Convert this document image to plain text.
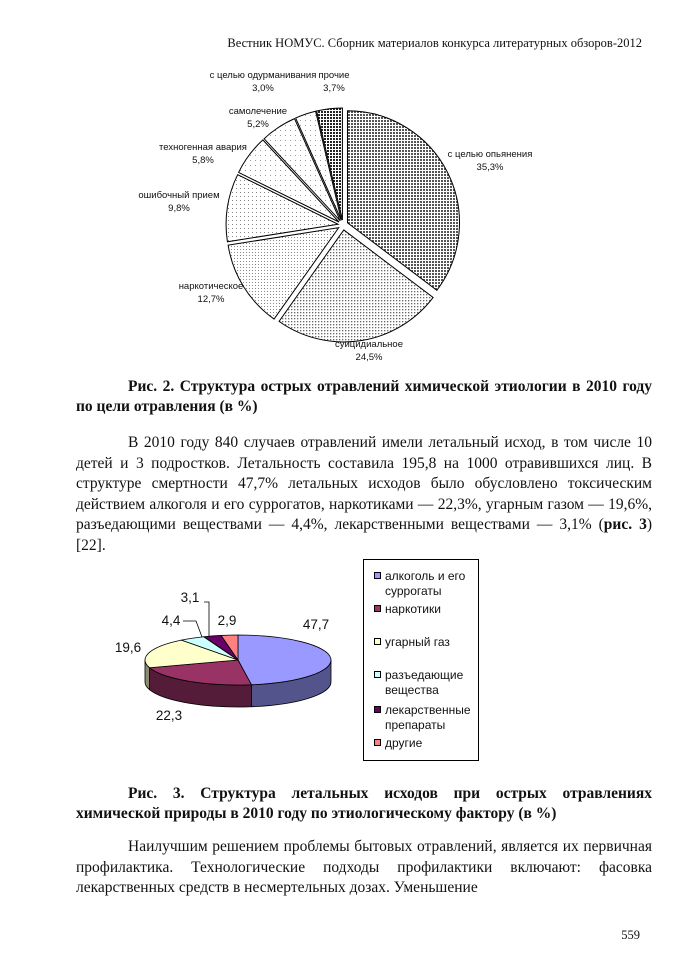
Вестник НОМУС. Сборник материалов конкурса литературных обзоров-2012
с целью опьянения
35,3%
суицидиальное
24,5%
наркотическое
12,7%
ошибочный прием
9,8%
техногенная авария
5,8%
самолечение
5,2%
с целью одурманивания
3,0%
прочие
3,7%
47,7
22,3
19,6
4,4
3,1
2,9
Рис. 2. Структура острых отравлений химической этиологии в 2010 году по цели отравления (в %)
В 2010 году 840 случаев отравлений имели летальный исход, в том числе 10 детей и 3 подростков. Летальность составила 195,8 на 1000 отравившихся лиц. В структуре смертности 47,7% летальных исходов было обусловлено токсическим действием алкоголя и его суррогатов, наркотиками — 22,3%, угарным газом — 19,6%, разъедающими веществами — 4,4%, лекарственными веществами — 3,1% (рис. 3) [22].
алкоголь и его суррогаты
наркотики
угарный газ
разъедающие вещества
лекарственные препараты
другие
Рис. 3. Структура летальных исходов при острых отравлениях химической природы в 2010 году по этиологическому фактору (в %)
Наилучшим решением проблемы бытовых отравлений, является их первичная профилактика. Технологические подходы профилактики включают: фасовка лекарственных средств в несмертельных дозах. Уменьшение
559
